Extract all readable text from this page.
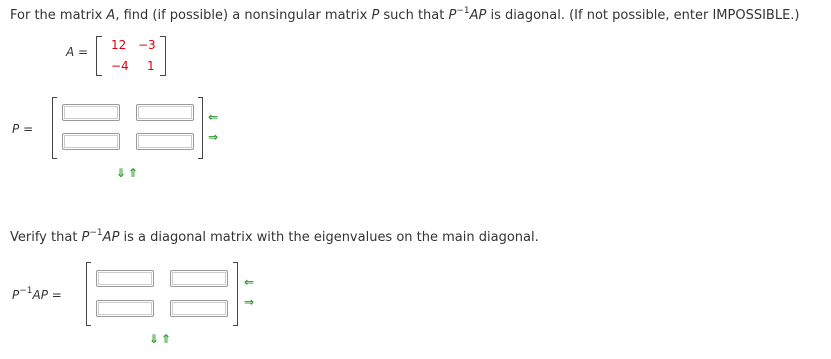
For the matrix A, find (if possible) a nonsingular matrix P such that $P^{-1}AP$ is diagonal. (If not possible, enter IMPOSSIBLE.)
A = 12 −3
−4 1
P =
⇐
⇒
⇓ ⇑
Verify that $P^{-1}AP$ is a diagonal matrix with the eigenvalues on the main diagonal.
$P^{-1}AP$ =
⇐
⇒
⇓ ⇑
